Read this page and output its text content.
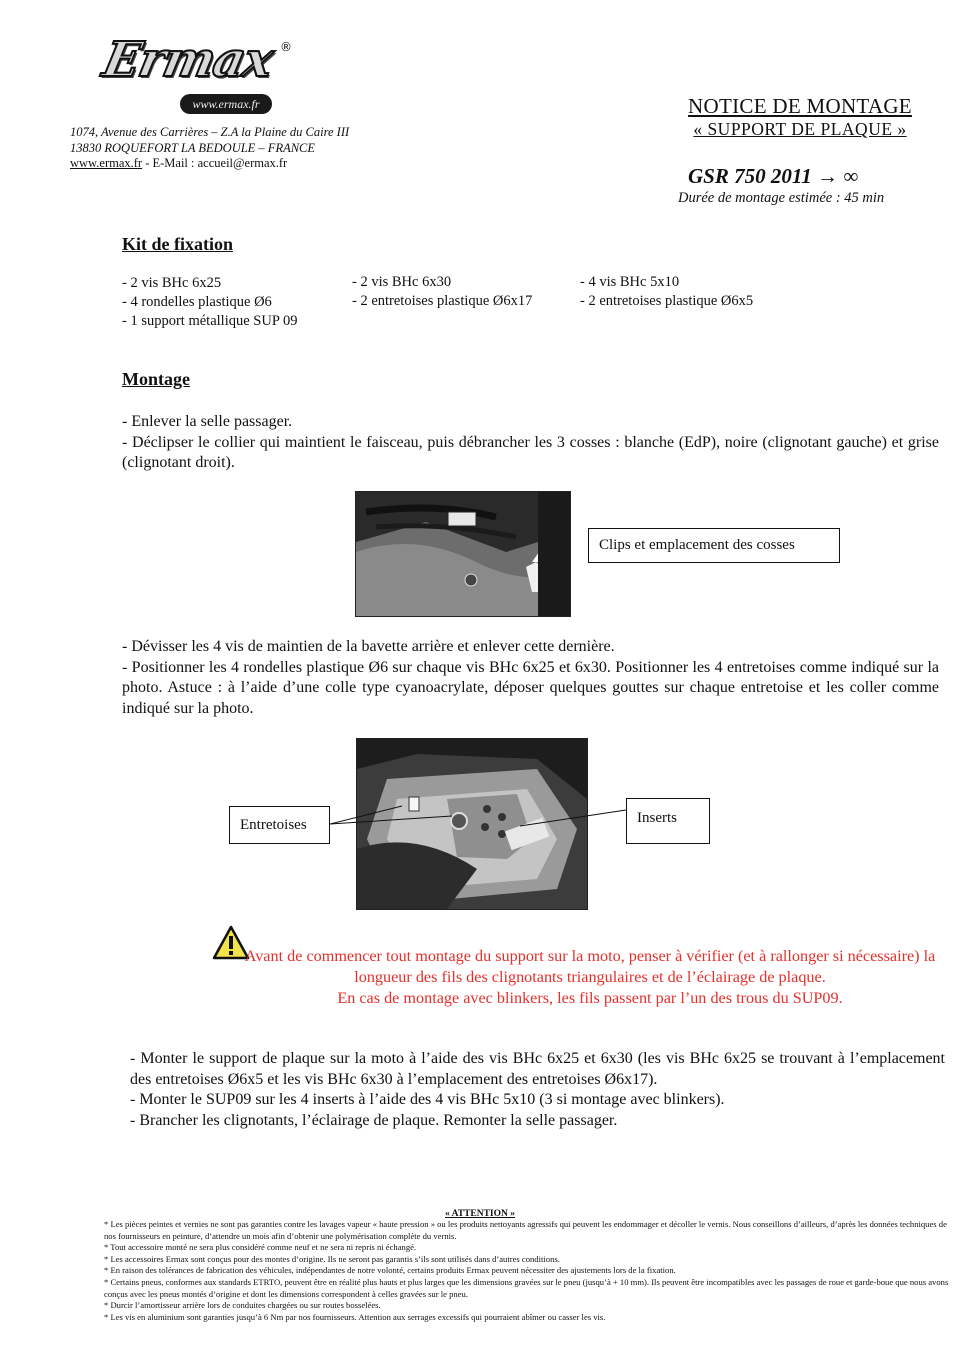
Ermax ®
www.ermax.fr
1074, Avenue des Carrières – Z.A la Plaine du Caire III
13830 ROQUEFORT LA BEDOULE – FRANCE
www.ermax.fr - E-Mail : accueil@ermax.fr
NOTICE DE MONTAGE
« SUPPORT DE PLAQUE »
GSR 750 2011 → ∞
Durée de montage estimée : 45 min
Kit de fixation
- 2 vis BHc 6x25
- 4 rondelles plastique Ø6
- 1 support métallique SUP 09
- 2 vis BHc 6x30
- 2 entretoises plastique Ø6x17
- 4 vis BHc 5x10
- 2 entretoises plastique Ø6x5
Montage
- Enlever la selle passager.
- Déclipser le collier qui maintient le faisceau, puis débrancher les 3 cosses : blanche (EdP), noire (clignotant gauche) et grise (clignotant droit).
Clips et emplacement des cosses
- Dévisser les 4 vis de maintien de la bavette arrière et enlever cette dernière.
- Positionner les 4 rondelles plastique Ø6 sur chaque vis BHc 6x25 et 6x30. Positionner les 4 entretoises comme indiqué sur la photo. Astuce : à l’aide d’une colle type cyanoacrylate, déposer quelques gouttes sur chaque entretoise et les coller comme indiqué sur la photo.
Entretoises	Inserts
Avant de commencer tout montage du support sur la moto, penser à vérifier (et à rallonger si nécessaire) la longueur des fils des clignotants triangulaires et de l’éclairage de plaque.
En cas de montage avec blinkers, les fils passent par l’un des trous du SUP09.
- Monter le support de plaque sur la moto à l’aide des vis BHc 6x25 et 6x30 (les vis BHc 6x25 se trouvant à l’emplacement des entretoises Ø6x5 et les vis BHc 6x30 à l’emplacement des entretoises Ø6x17).
- Monter le SUP09 sur les 4 inserts à l’aide des 4 vis BHc 5x10 (3 si montage avec blinkers).
- Brancher les clignotants, l’éclairage de plaque. Remonter la selle passager.
« ATTENTION »
* Les pièces peintes et vernies ne sont pas garanties contre les lavages vapeur « haute pression » ou les produits nettoyants agressifs qui peuvent les endommager et décoller le vernis. Nous conseillons d’ailleurs, d’après les données techniques de nos fournisseurs en peinture, d’attendre un mois afin d’obtenir une polymérisation complète du vernis.
* Tout accessoire monté ne sera plus considéré comme neuf et ne sera ni repris ni échangé.
* Les accessoires Ermax sont conçus pour des montes d’origine. Ils ne seront pas garantis s’ils sont utilisés dans d’autres conditions.
* En raison des tolérances de fabrication des véhicules, indépendantes de notre volonté, certains produits Ermax peuvent nécessiter des ajustements lors de la fixation.
* Certains pneus, conformes aux standards ETRTO, peuvent être en réalité plus hauts et plus larges que les dimensions gravées sur le pneu (jusqu’à + 10 mm). Ils peuvent être incompatibles avec les passages de roue et garde-boue que nous avons conçus avec les pneus montés d’origine et dont les dimensions correspondent à celles gravées sur le pneu.
* Durcir l’amortisseur arrière lors de conduites chargées ou sur routes bosselées.
* Les vis en aluminium sont garanties jusqu’à 6 Nm par nos fournisseurs. Attention aux serrages excessifs qui pourraient abîmer ou casser les vis.
